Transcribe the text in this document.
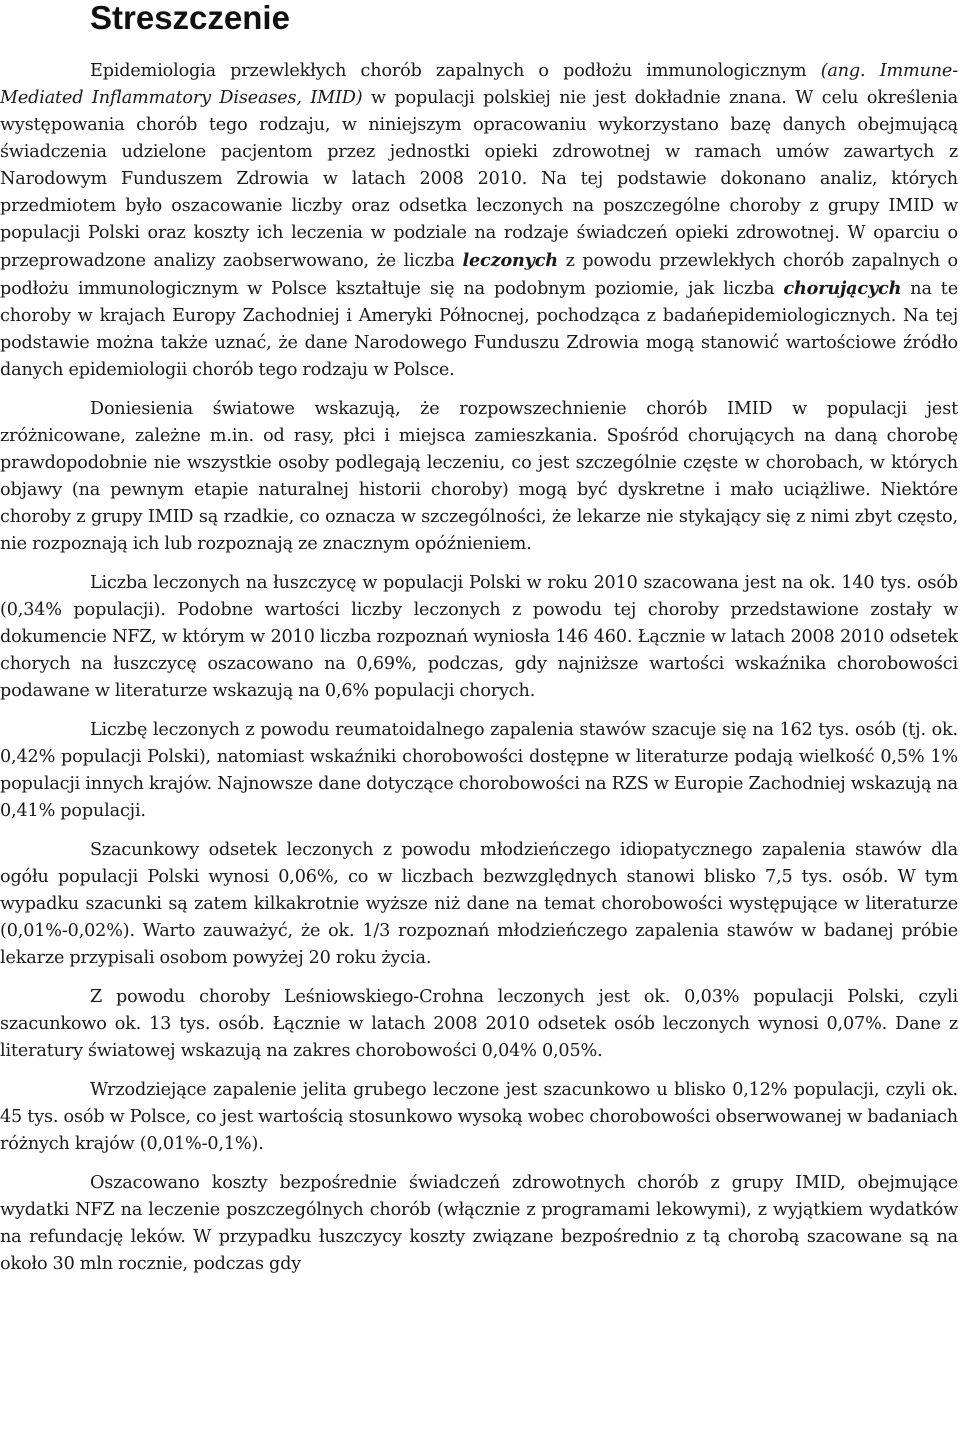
Streszczenie

Epidemiologia przewlekłych chorób zapalnych o podłożu immunologicznym (ang. Immune-Mediated Inflammatory Diseases, IMID) w populacji polskiej nie jest dokładnie znana. W celu określenia występowania chorób tego rodzaju, w niniejszym opracowaniu wykorzystano bazę danych obejmującą świadczenia udzielone pacjentom przez jednostki opieki zdrowotnej w ramach umów zawartych z Narodowym Funduszem Zdrowia w latach 2008 2010. Na tej podstawie dokonano analiz, których przedmiotem było oszacowanie liczby oraz odsetka leczonych na poszczególne choroby z grupy IMID w populacji Polski oraz koszty ich leczenia w podziale na rodzaje świadczeń opieki zdrowotnej. W oparciu o przeprowadzone analizy zaobserwowano, że liczba leczonych z powodu przewlekłych chorób zapalnych o podłożu immunologicznym w Polsce kształtuje się na podobnym poziomie, jak liczba chorujących na te choroby w krajach Europy Zachodniej i Ameryki Północnej, pochodząca z badańepidemiologicznych. Na tej podstawie można także uznać, że dane Narodowego Funduszu Zdrowia mogą stanowić wartościowe źródło danych epidemiologii chorób tego rodzaju w Polsce.

Doniesienia światowe wskazują, że rozpowszechnienie chorób IMID w populacji jest zróżnicowane, zależne m.in. od rasy, płci i miejsca zamieszkania. Spośród chorujących na daną chorobę prawdopodobnie nie wszystkie osoby podlegają leczeniu, co jest szczególnie częste w chorobach, w których objawy (na pewnym etapie naturalnej historii choroby) mogą być dyskretne i mało uciążliwe. Niektóre choroby z grupy IMID są rzadkie, co oznacza w szczególności, że lekarze nie stykający się z nimi zbyt często, nie rozpoznają ich lub rozpoznają ze znacznym opóźnieniem.

Liczba leczonych na łuszczycę w populacji Polski w roku 2010 szacowana jest na ok. 140 tys. osób (0,34% populacji). Podobne wartości liczby leczonych z powodu tej choroby przedstawione zostały w dokumencie NFZ, w którym w 2010 liczba rozpoznań wyniosła 146 460. Łącznie w latach 2008 2010 odsetek chorych na łuszczycę oszacowano na 0,69%, podczas, gdy najniższe wartości wskaźnika chorobowości podawane w literaturze wskazują na 0,6% populacji chorych.

Liczbę leczonych z powodu reumatoidalnego zapalenia stawów szacuje się na 162 tys. osób (tj. ok. 0,42% populacji Polski), natomiast wskaźniki chorobowości dostępne w literaturze podają wielkość 0,5% 1% populacji innych krajów. Najnowsze dane dotyczące chorobowości na RZS w Europie Zachodniej wskazują na 0,41% populacji.

Szacunkowy odsetek leczonych z powodu młodzieńczego idiopatycznego zapalenia stawów dla ogółu populacji Polski wynosi 0,06%, co w liczbach bezwzględnych stanowi blisko 7,5 tys. osób. W tym wypadku szacunki są zatem kilkakrotnie wyższe niż dane na temat chorobowości występujące w literaturze (0,01%-0,02%). Warto zauważyć, że ok. 1/3 rozpoznań młodzieńczego zapalenia stawów w badanej próbie lekarze przypisali osobom powyżej 20 roku życia.

Z powodu choroby Leśniowskiego-Crohna leczonych jest ok. 0,03% populacji Polski, czyli szacunkowo ok. 13 tys. osób. Łącznie w latach 2008 2010 odsetek osób leczonych wynosi 0,07%. Dane z literatury światowej wskazują na zakres chorobowości 0,04% 0,05%.

Wrzodziejące zapalenie jelita grubego leczone jest szacunkowo u blisko 0,12% populacji, czyli ok. 45 tys. osób w Polsce, co jest wartością stosunkowo wysoką wobec chorobowości obserwowanej w badaniach różnych krajów (0,01%-0,1%).

Oszacowano koszty bezpośrednie świadczeń zdrowotnych chorób z grupy IMID, obejmujące wydatki NFZ na leczenie poszczególnych chorób (włącznie z programami lekowymi), z wyjątkiem wydatków na refundację leków. W przypadku łuszczycy koszty związane bezpośrednio z tą chorobą szacowane są na około 30 mln rocznie, podczas gdy
